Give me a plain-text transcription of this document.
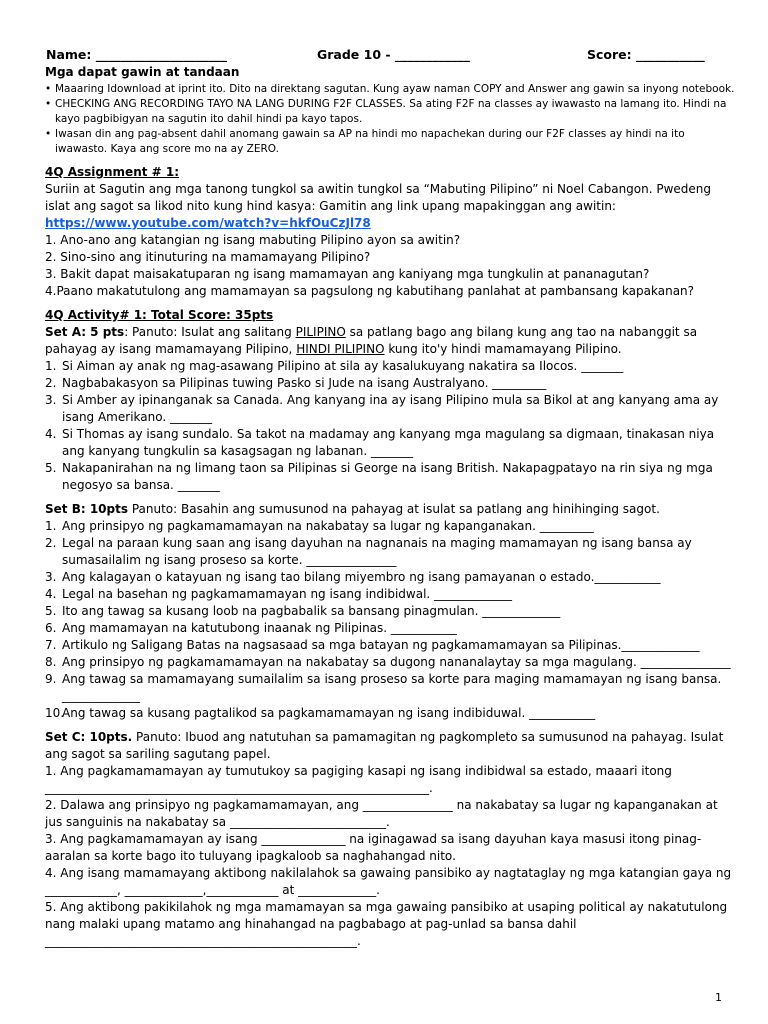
Name: _____________________	Grade 10 - ____________	Score: ___________
Mga dapat gawin at tandaan
• Maaaring Idownload at iprint ito. Dito na direktang sagutan. Kung ayaw naman COPY and Answer ang gawin sa inyong notebook.
• CHECKING ANG RECORDING TAYO NA LANG DURING F2F CLASSES. Sa ating F2F na classes ay iwawasto na lamang ito. Hindi na kayo pagbibigyan na sagutin ito dahil hindi pa kayo tapos.
• Iwasan din ang pag-absent dahil anomang gawain sa AP na hindi mo napachekan during our F2F classes ay hindi na ito iwawasto. Kaya ang score mo na ay ZERO.
4Q Assignment # 1:
Suriin at Sagutin ang mga tanong tungkol sa awitin tungkol sa “Mabuting Pilipino” ni Noel Cabangon. Pwedeng islat ang sagot sa likod nito kung hind kasya: Gamitin ang link upang mapakinggan ang awitin: https://www.youtube.com/watch?v=hkfOuCzJl78

1. Ano-ano ang katangian ng isang mabuting Pilipino ayon sa awitin?

2. Sino-sino ang itinuturing na mamamayang Pilipino?

3. Bakit dapat maisakatuparan ng isang mamamayan ang kaniyang mga tungkulin at pananagutan?

4.Paano makatutulong ang mamamayan sa pagsulong ng kabutihang panlahat at pambansang kapakanan?

4Q Activity# 1: Total Score: 35pts
Set A: 5 pts: Panuto: Isulat ang salitang PILIPINO sa patlang bago ang bilang kung ang tao na nabanggit sa pahayag ay isang mamamayang Pilipino, HINDI PILIPINO kung ito'y hindi mamamayang Pilipino.
1. Si Aiman ay anak ng mag-asawang Pilipino at sila ay kasalukuyang nakatira sa Ilocos. _______
2. Nagbabakasyon sa Pilipinas tuwing Pasko si Jude na isang Australyano. _________
3. Si Amber ay ipinanganak sa Canada. Ang kanyang ina ay isang Pilipino mula sa Bikol at ang kanyang ama ay isang Amerikano. _______
4. Si Thomas ay isang sundalo. Sa takot na madamay ang kanyang mga magulang sa digmaan, tinakasan niya ang kanyang tungkulin sa kasagsagan ng labanan. _______
5. Nakapanirahan na ng limang taon sa Pilipinas si George na isang British. Nakapagpatayo na rin siya ng mga negosyo sa bansa. _______
Set B: 10pts Panuto: Basahin ang sumusunod na pahayag at isulat sa patlang ang hinihinging sagot.
1. Ang prinsipyo ng pagkamamamayan na nakabatay sa lugar ng kapanganakan. _________
2. Legal na paraan kung saan ang isang dayuhan na nagnanais na maging mamamayan ng isang bansa ay sumasailalim ng isang proseso sa korte. _______________
3. Ang kalagayan o katayuan ng isang tao bilang miyembro ng isang pamayanan o estado.___________
4. Legal na basehan ng pagkamamamayan ng isang indibidwal. _____________
5. Ito ang tawag sa kusang loob na pagbabalik sa bansang pinagmulan. _____________
6. Ang mamamayan na katutubong inaanak ng Pilipinas. ___________
7. Artikulo ng Saligang Batas na nagsasaad sa mga batayan ng pagkamamamayan sa Pilipinas._____________
8. Ang prinsipyo ng pagkamamamayan na nakabatay sa dugong nananalaytay sa mga magulang. _______________
9. Ang tawag sa mamamayang sumailalim sa isang proseso sa korte para maging mamamayan ng isang bansa. _____________
10.
Ang tawag sa kusang pagtalikod sa pagkamamamayan ng isang indibiduwal. ___________
Set C: 10pts. Panuto: Ibuod ang natutuhan sa pamamagitan ng pagkompleto sa sumusunod na pahayag. Isulat ang sagot sa sariling sagutang papel.

1. Ang pagkamamamayan ay tumutukoy sa pagiging kasapi ng isang indibidwal sa estado, maaari itong ________________________________________________________________.

2. Dalawa ang prinsipyo ng pagkamamamayan, ang _______________ na nakabatay sa lugar ng kapanganakan at jus sanguinis na nakabatay sa __________________________.

3. Ang pagkamamamayan ay isang ______________ na iginagawad sa isang dayuhan kaya masusi itong pinag-aaralan sa korte bago ito tuluyang ipagkaloob sa naghahangad nito.

4. Ang isang mamamayang aktibong nakilalahok sa gawaing pansibiko ay nagtataglay ng mga katangian gaya ng ____________, _____________,____________ at _____________.

5. Ang aktibong pakikilahok ng mga mamamayan sa mga gawaing pansibiko at usaping political ay nakatutulong nang malaki upang matamo ang hinahangad na pagbabago at pag-unlad sa bansa dahil ____________________________________________________.

1
